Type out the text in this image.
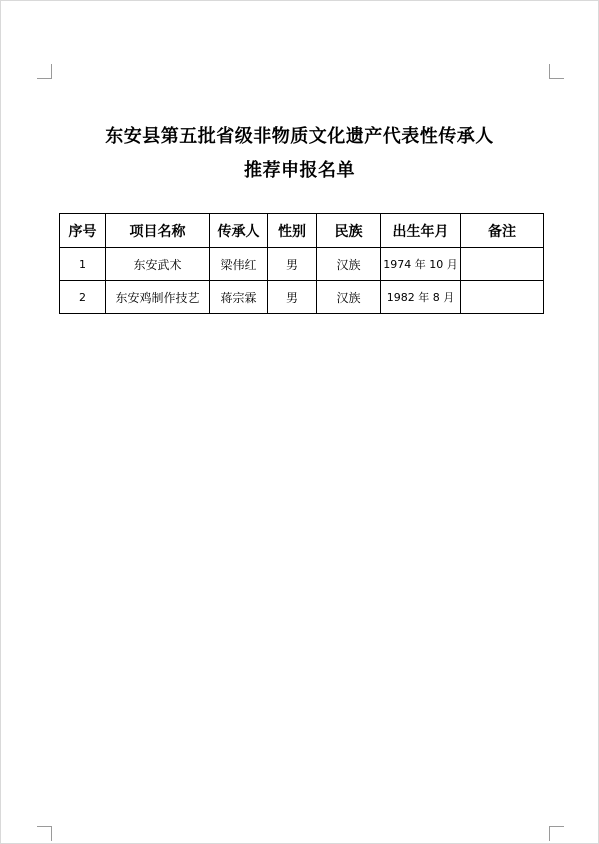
东安县第五批省级非物质文化遗产代表性传承人
推荐申报名单
序号	项目名称	传承人	性别	民族	出生年月	备注
1	东安武术	梁伟红	男	汉族	1974 年 10 月	
2	东安鸡制作技艺	蒋宗霖	男	汉族	1982 年 8 月	
